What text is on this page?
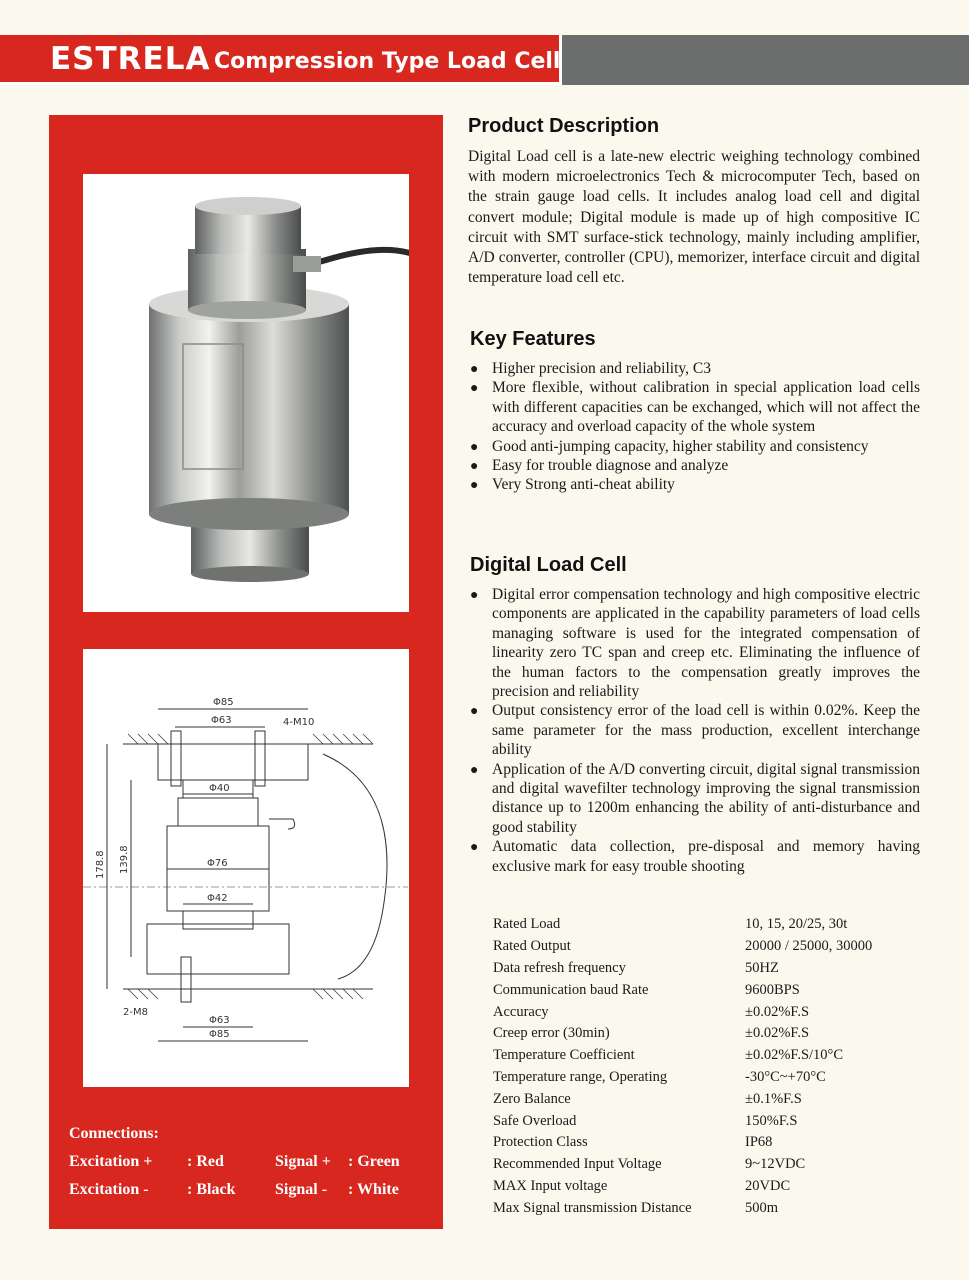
ESTRELA Compression Type Load Cell
Φ85
Φ63	4-M10
Φ40
Φ76
Φ42
178.8 139.8
2-M8
Φ63
Φ85
Connections:
Excitation + : Red	Signal + : Green
Excitation - : Black Signal - : White
Product Description

Digital Load cell is a late-new electric weighing technology combined with modern microelectronics Tech & microcomputer Tech, based on the strain gauge load cells. It includes analog load cell and digital convert module; Digital module is made up of high compositive IC circuit with SMT surface-stick technology, mainly including amplifier, A/D converter, controller (CPU), memorizer, interface circuit and digital temperature load cell etc.

Key Features
● Higher precision and reliability, C3
● More flexible, without calibration in special application load cells with different capacities can be exchanged, which will not affect the accuracy and overload capacity of the whole system
● Good anti-jumping capacity, higher stability and consistency
● Easy for trouble diagnose and analyze
● Very Strong anti-cheat ability
Digital Load Cell
● Digital error compensation technology and high compositive electric components are applicated in the capability parameters of load cells managing software is used for the integrated compensation of linearity zero TC span and creep etc. Eliminating the influence of the human factors to the compensation greatly improves the precision and reliability
● Output consistency error of the load cell is within 0.02%. Keep the same parameter for the mass production, excellent interchange ability
● Application of the A/D converting circuit, digital signal transmission and digital wavefilter technology improving the signal transmission distance up to 1200m enhancing the ability of anti-disturbance and good stability
● Automatic data collection, pre-disposal and memory having exclusive mark for easy trouble shooting
Rated Load	10, 15, 20/25, 30t
Rated Output	20000 / 25000, 30000
Data refresh frequency	50HZ
Communication baud Rate	9600BPS
Accuracy	±0.02%F.S
Creep error (30min)	±0.02%F.S
Temperature Coefficient	±0.02%F.S/10°C
Temperature range, Operating	-30°C~+70°C
Zero Balance	±0.1%F.S
Safe Overload	150%F.S
Protection Class	IP68
Recommended Input Voltage	9~12VDC
MAX Input voltage	20VDC
Max Signal transmission Distance	500m
